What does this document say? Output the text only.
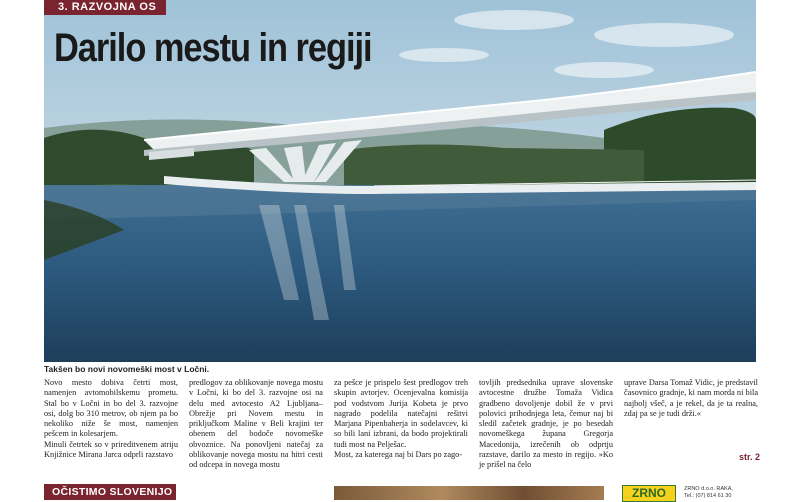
3. RAZVOJNA OS
Darilo mestu in regiji
Takšen bo novi novomeški most v Ločni.

Novo mesto dobiva četrti most, namenjen avtomobilskemu prometu. Stal bo v Ločni in bo del 3. razvojne osi, dolg bo 310 metrov, ob njem pa bo nekoliko niže še most, namenjen pešcem in kolesarjem.

Minuli četrtek so v prireditvenem atriju Knjižnice Mirana Jarca odprli razstavo

predlogov za oblikovanje novega mostu v Ločni, ki bo del 3. razvojne osi na delu med avtocesto A2 Ljubljana–Obrežje pri Novem mestu in priključkom Maline v Beli krajini ter obenem del bodoče novomeške obvoznice. Na ponovljeni natečaj za oblikovanje novega mostu na hitri cesti od odcepa in novega mostu

za pešce je prispelo šest predlogov treh skupin avtorjev. Ocenjevalna komisija pod vodstvom Jurija Kobeta je prvo nagrado podelila natečajni rešitvi Marjana Pipenbaherja in sodelavcev, ki so bili lani izbrani, da bodo projektirali tudi most na Pelješac.

Most, za katerega naj bi Dars po zago-

tovljih predsednika uprave slovenske avtocestne družbe Tomaža Vidica gradbeno dovoljenje dobil že v prvi polovici prihodnjega leta, čemur naj bi sledil začetek gradnje, je po besedah novomeškega župana Gregorja Macedonija, izrečenih ob odprtju razstave, darilo za mesto in regijo. »Ko je prišel na čelo

uprave Darsa Tomaž Vidic, je predstavil časovnico gradnje, ki nam morda ni bila najbolj všeč, a je rekel, da je ta realna, zdaj pa se je tudi drži.«

str. 2
OČISTIMO SLOVENIJO	ZRNO	ZRNO d.o.o. RAKA,
Tel.: (07) 814 61 30
